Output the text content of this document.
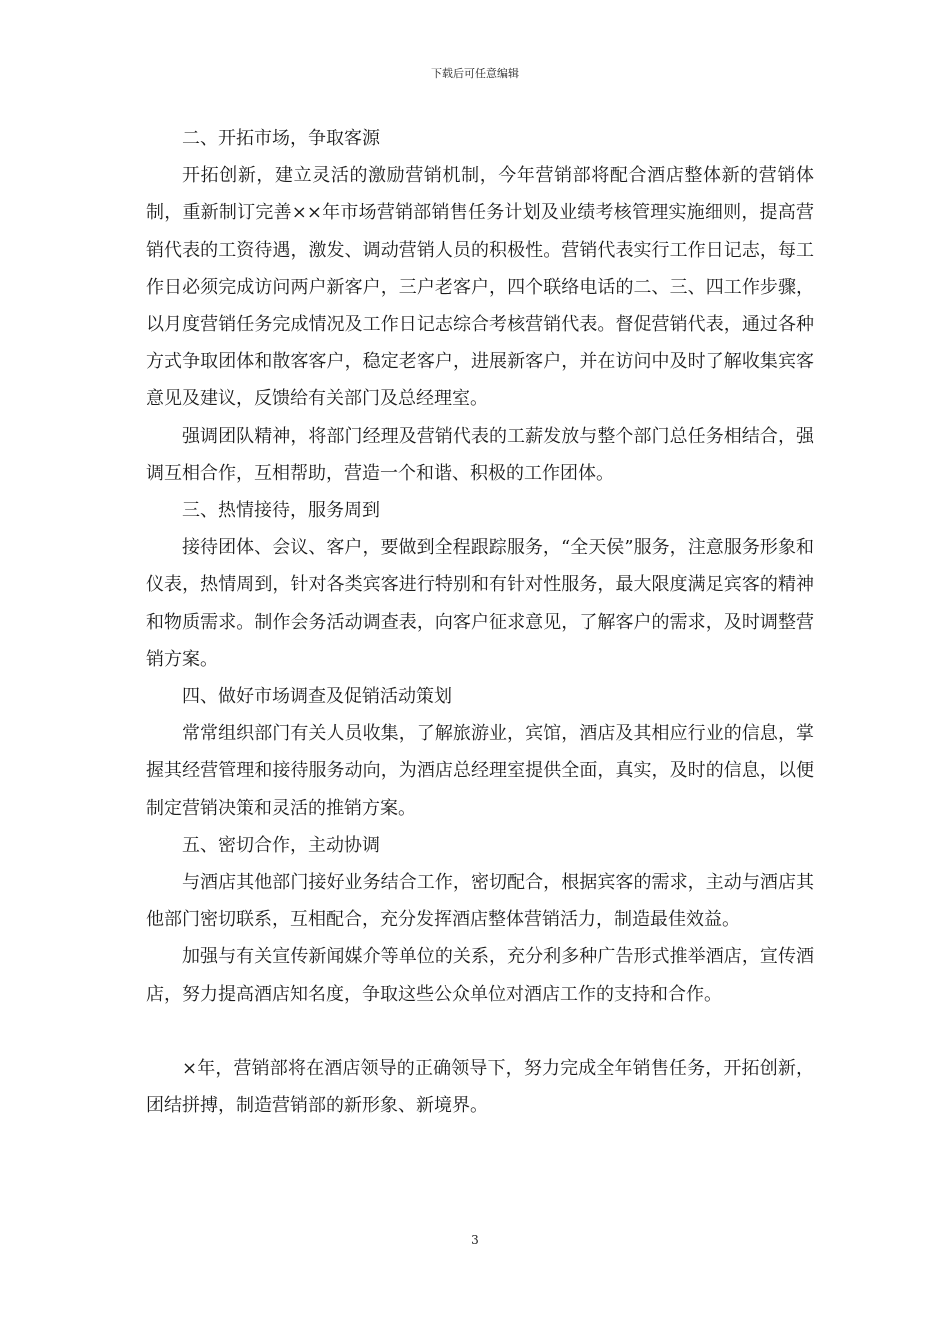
下载后可任意编辑

二、开拓市场，争取客源

开拓创新，建立灵活的激励营销机制，今年营销部将配合酒店整体新的营销体制，重新制订完善××年市场营销部销售任务计划及业绩考核管理实施细则，提高营销代表的工资待遇，激发、调动营销人员的积极性。营销代表实行工作日记志，每工作日必须完成访问两户新客户，三户老客户，四个联络电话的二、三、四工作步骤，以月度营销任务完成情况及工作日记志综合考核营销代表。督促营销代表，通过各种方式争取团体和散客客户，稳定老客户，进展新客户，并在访问中及时了解收集宾客意见及建议，反馈给有关部门及总经理室。

强调团队精神，将部门经理及营销代表的工薪发放与整个部门总任务相结合，强调互相合作，互相帮助，营造一个和谐、积极的工作团体。

三、热情接待，服务周到

接待团体、会议、客户，要做到全程跟踪服务，“全天侯”服务，注意服务形象和仪表，热情周到，针对各类宾客进行特别和有针对性服务，最大限度满足宾客的精神和物质需求。制作会务活动调查表，向客户征求意见，了解客户的需求，及时调整营销方案。

四、做好市场调查及促销活动策划

常常组织部门有关人员收集，了解旅游业，宾馆，酒店及其相应行业的信息，掌握其经营管理和接待服务动向，为酒店总经理室提供全面，真实，及时的信息，以便制定营销决策和灵活的推销方案。

五、密切合作，主动协调

与酒店其他部门接好业务结合工作，密切配合，根据宾客的需求，主动与酒店其他部门密切联系，互相配合，充分发挥酒店整体营销活力，制造最佳效益。

加强与有关宣传新闻媒介等单位的关系，充分利多种广告形式推举酒店，宣传酒店，努力提高酒店知名度，争取这些公众单位对酒店工作的支持和合作。

×年，营销部将在酒店领导的正确领导下，努力完成全年销售任务，开拓创新，团结拼搏，制造营销部的新形象、新境界。

3
